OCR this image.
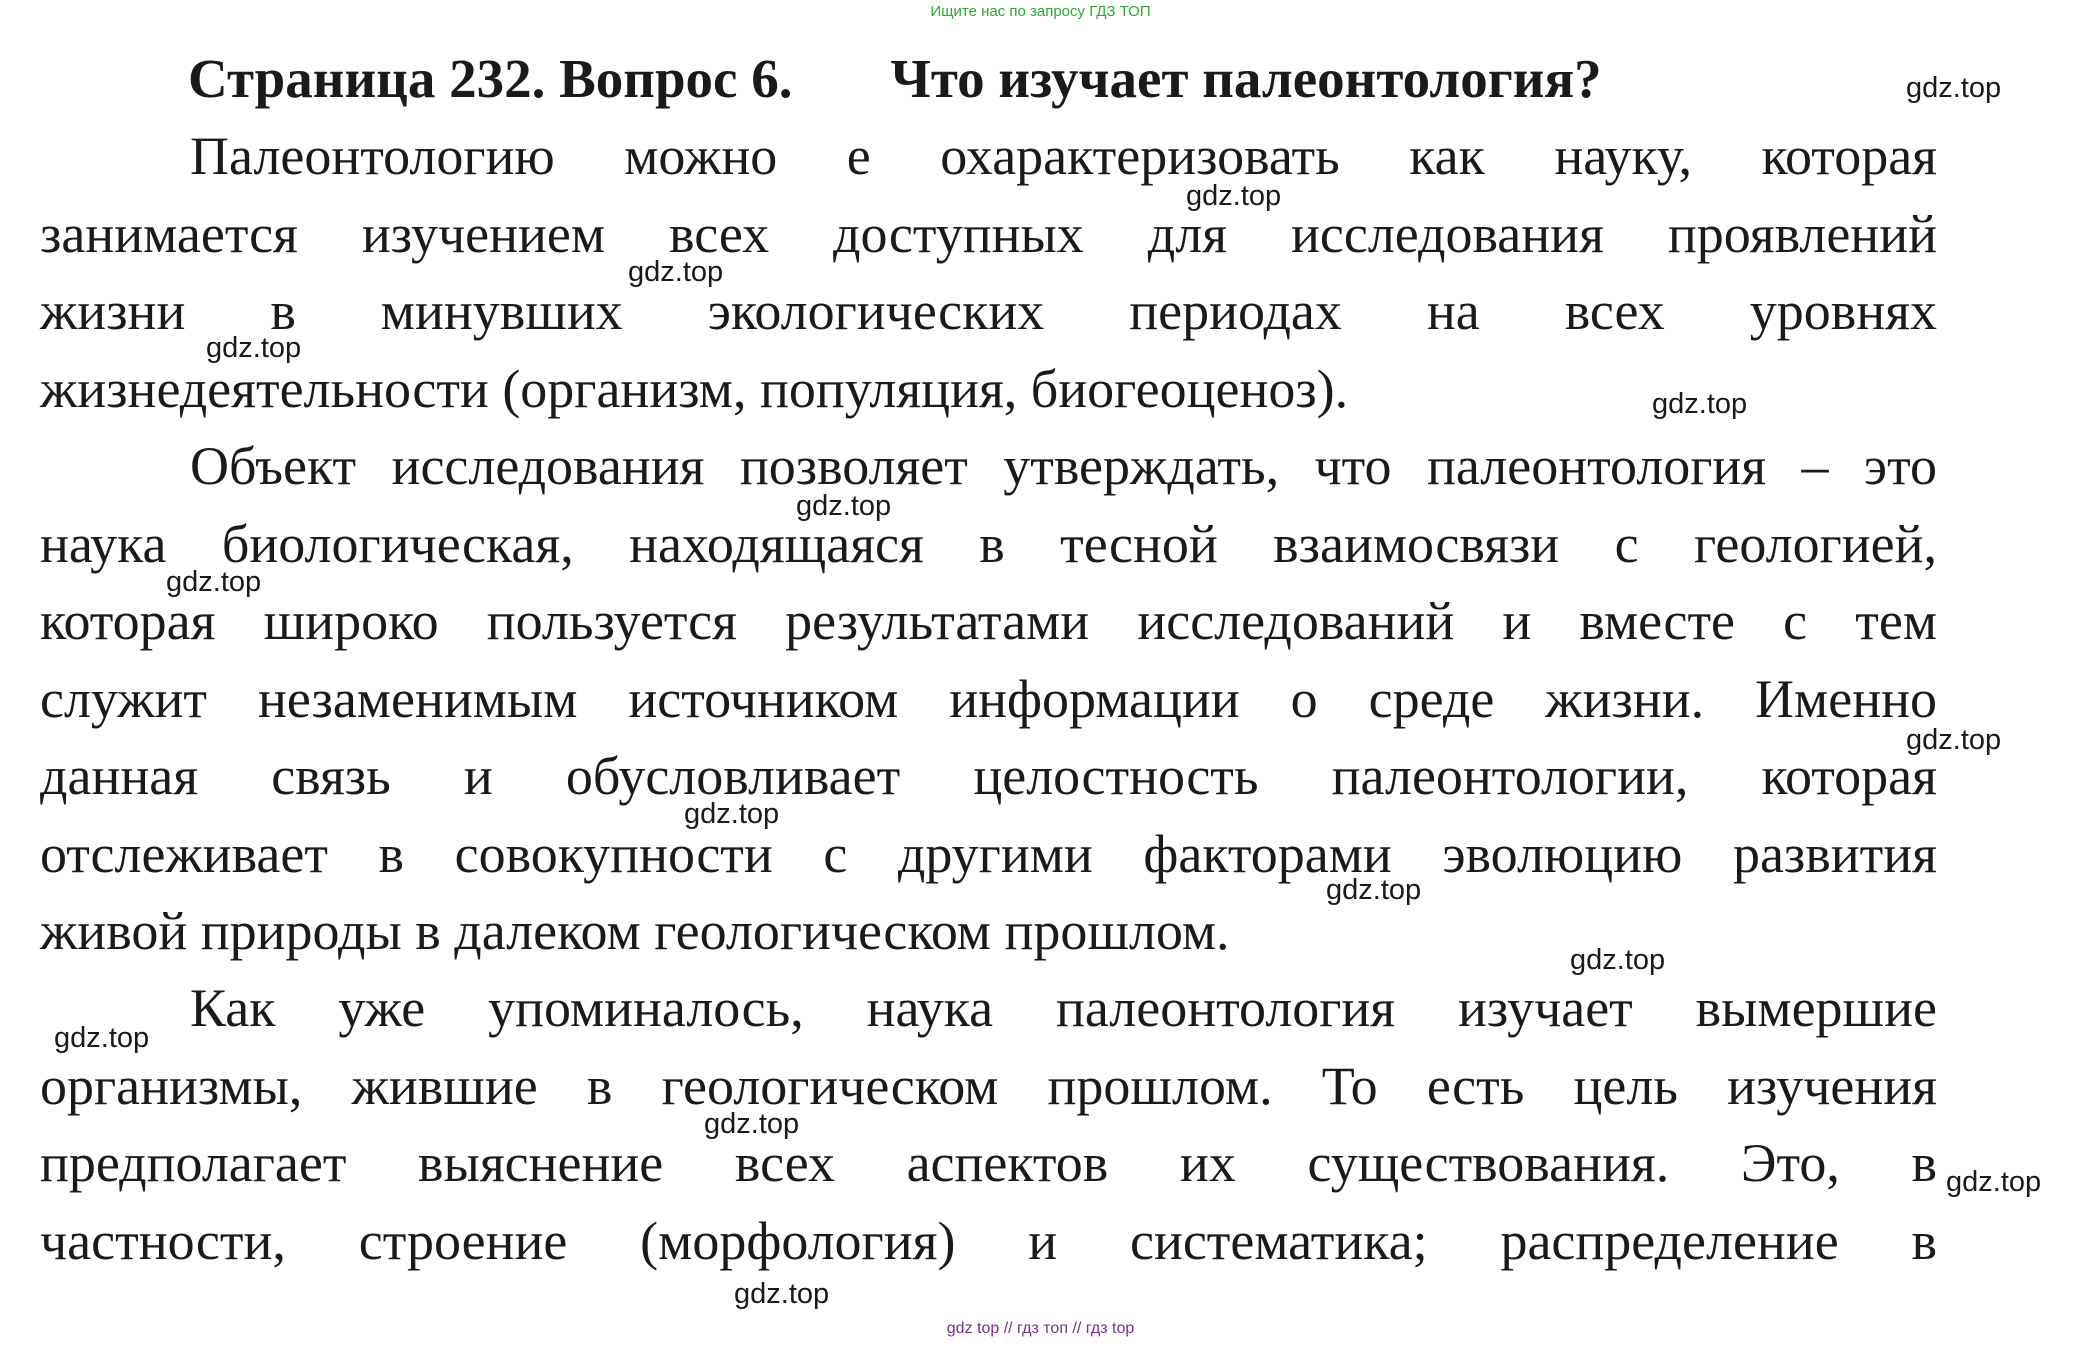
Ищите нас по запросу ГДЗ ТОП
Страница 232. Вопрос 6. Что изучает палеонтология?
Палеонтологию можно е охарактеризовать как науку, которая
занимается изучением всех доступных для исследования проявлений
жизни в минувших экологических периодах на всех уровнях
жизнедеятельности (организм, популяция, биогеоценоз).
Объект исследования позволяет утверждать, что палеонтология – это
наука биологическая, находящаяся в тесной взаимосвязи с геологией,
которая широко пользуется результатами исследований и вместе с тем
служит незаменимым источником информации о среде жизни. Именно
данная связь и обусловливает целостность палеонтологии, которая
отслеживает в совокупности с другими факторами эволюцию развития
живой природы в далеком геологическом прошлом.
Как уже упоминалось, наука палеонтология изучает вымершие
организмы, жившие в геологическом прошлом. То есть цель изучения
предполагает выяснение всех аспектов их существования. Это, в
частности, строение (морфология) и систематика; распределение в
gdz.top
gdz.top
gdz.top
gdz.top
gdz.top
gdz.top
gdz.top
gdz.top
gdz.top
gdz.top
gdz.top
gdz.top
gdz.top
gdz.top
gdz.top
gdz top // гдз топ // гдз top
